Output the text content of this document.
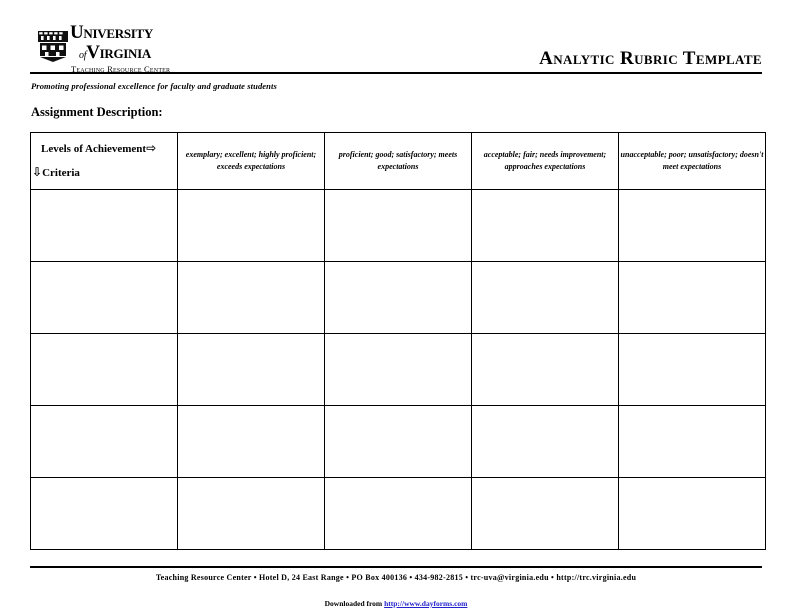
University
ofVirginia
Teaching Resource Center	Analytic Rubric Template
Promoting professional excellence for faculty and graduate students
Assignment Description:
Levels of Achievement⇨
⇩Criteria	exemplary; excellent; highly proficient; exceeds expectations	proficient; good; satisfactory; meets expectations	acceptable; fair; needs improvement; approaches expectations	unacceptable; poor; unsatisfactory; doesn't meet expectations

Teaching Resource Center • Hotel D, 24 East Range • PO Box 400136 • 434-982-2815 • trc-uva@virginia.edu • http://trc.virginia.edu
Downloaded from http://www.dayforms.com
